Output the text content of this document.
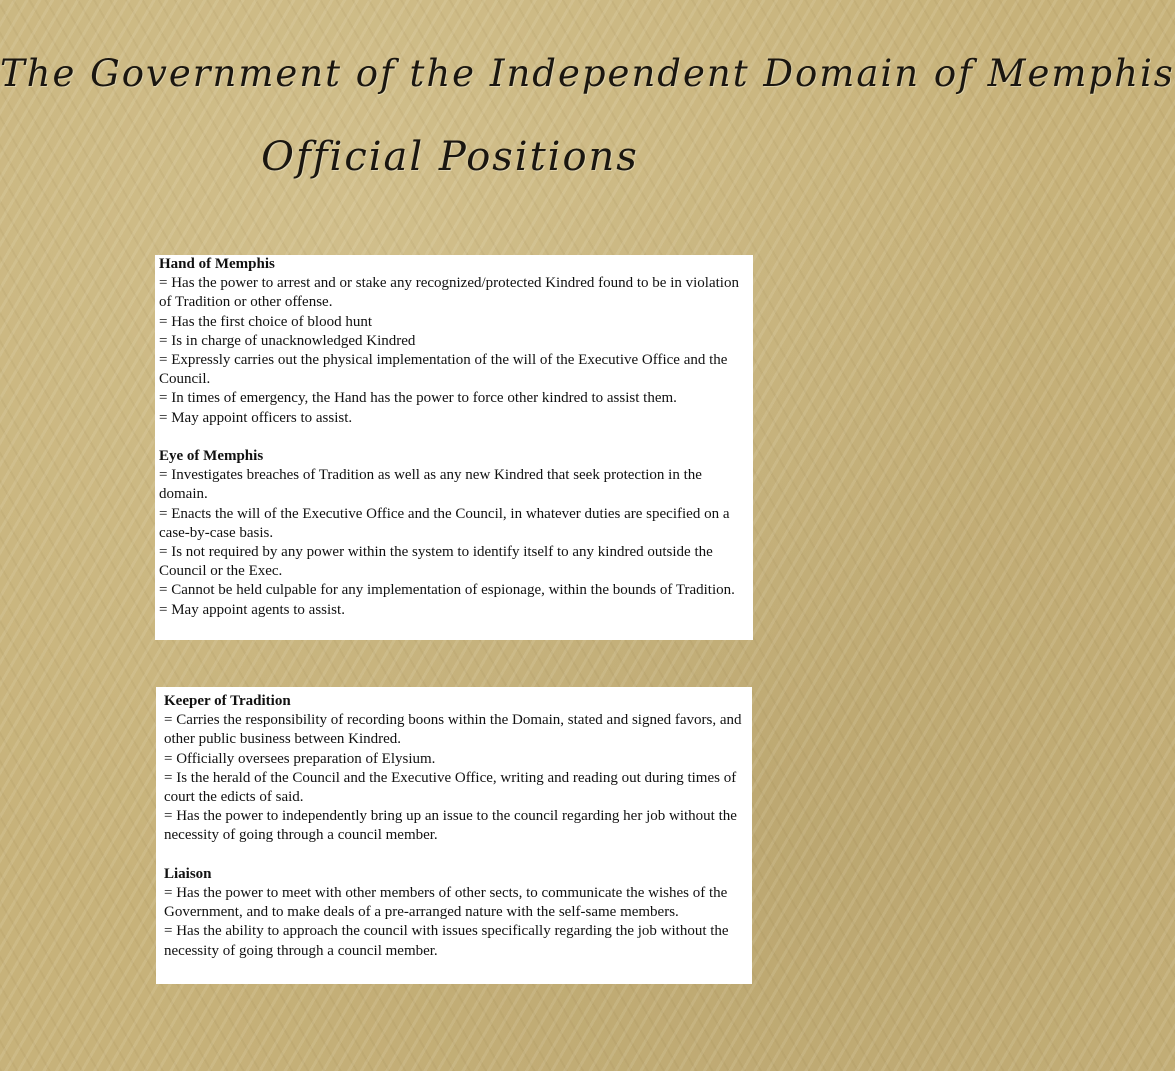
The Government of the Independent Domain of Memphis
Official Positions

Hand of Memphis

= Has the power to arrest and or stake any recognized/protected Kindred found to be in violation of Tradition or other offense.

= Has the first choice of blood hunt

= Is in charge of unacknowledged Kindred

= Expressly carries out the physical implementation of the will of the Executive Office and the Council.

= In times of emergency, the Hand has the power to force other kindred to assist them.

= May appoint officers to assist.

Eye of Memphis

= Investigates breaches of Tradition as well as any new Kindred that seek protection in the domain.

= Enacts the will of the Executive Office and the Council, in whatever duties are specified on a case-by-case basis.

= Is not required by any power within the system to identify itself to any kindred outside the Council or the Exec.

= Cannot be held culpable for any implementation of espionage, within the bounds of Tradition.

= May appoint agents to assist.

Keeper of Tradition

= Carries the responsibility of recording boons within the Domain, stated and signed favors, and other public business between Kindred.

= Officially oversees preparation of Elysium.

= Is the herald of the Council and the Executive Office, writing and reading out during times of court the edicts of said.

= Has the power to independently bring up an issue to the council regarding her job without the necessity of going through a council member.

Liaison

= Has the power to meet with other members of other sects, to communicate the wishes of the Government, and to make deals of a pre-arranged nature with the self-same members.

= Has the ability to approach the council with issues specifically regarding the job without the necessity of going through a council member.
